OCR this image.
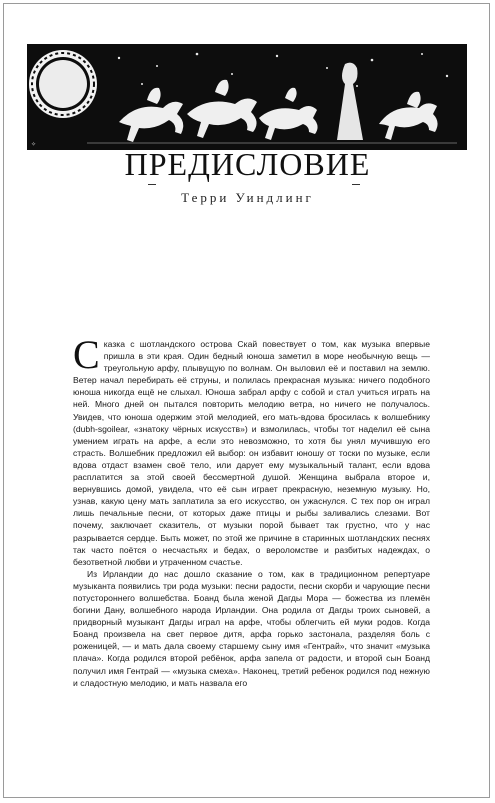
✧
ПРЕДИСЛОВИЕ
Терри Уиндлинг

Сказка с шотландского острова Скай повествует о том, как музыка впервые пришла в эти края. Один бедный юноша заметил в море необычную вещь — треугольную арфу, плывущую по волнам. Он выловил её и поставил на землю. Ветер начал перебирать её струны, и полилась прекрасная музыка: ничего подобного юноша никогда ещё не слыхал. Юноша забрал арфу с собой и стал учиться играть на ней. Много дней он пытался повторить мелодию ветра, но ничего не получалось. Увидев, что юноша одержим этой мелодией, его мать-вдова бросилась к волшебнику (dubh-sgoilear, «знатоку чёрных искусств») и взмолилась, чтобы тот наделил её сына умением играть на арфе, а если это невозможно, то хотя бы унял мучившую его страсть. Волшебник предложил ей выбор: он избавит юношу от тоски по музыке, если вдова отдаст взамен своё тело, или дарует ему музыкальный талант, если вдова расплатится за этой своей бессмертной душой. Женщина выбрала второе и, вернувшись домой, увидела, что её сын играет прекрасную, неземную музыку. Но, узнав, какую цену мать заплатила за его искусство, он ужаснулся. С тех пор он играл лишь печальные песни, от которых даже птицы и рыбы заливались слезами. Вот почему, заключает сказитель, от музыки порой бывает так грустно, что у нас разрывается сердце. Быть может, по этой же причине в старинных шотландских песнях так часто поётся о несчастьях и бедах, о вероломстве и разбитых надеждах, о безответной любви и утраченном счастье.

Из Ирландии до нас дошло сказание о том, как в традиционном репертуаре музыканта появились три рода музыки: песни радости, песни скорби и чарующие песни потустороннего волшебства. Боанд была женой Дагды Мора — божества из племён богини Дану, волшебного народа Ирландии. Она родила от Дагды троих сыновей, а придворный музыкант Дагды играл на арфе, чтобы облегчить ей муки родов. Когда Боанд произвела на свет первое дитя, арфа горько застонала, разделяя боль с роженицей, — и мать дала своему старшему сыну имя «Гентрай», что значит «музыка плача». Когда родился второй ребёнок, арфа запела от радости, и второй сын Боанд получил имя Гентрай — «музыка смеха». Наконец, третий ребенок родился под нежную и сладостную мелодию, и мать назвала его
